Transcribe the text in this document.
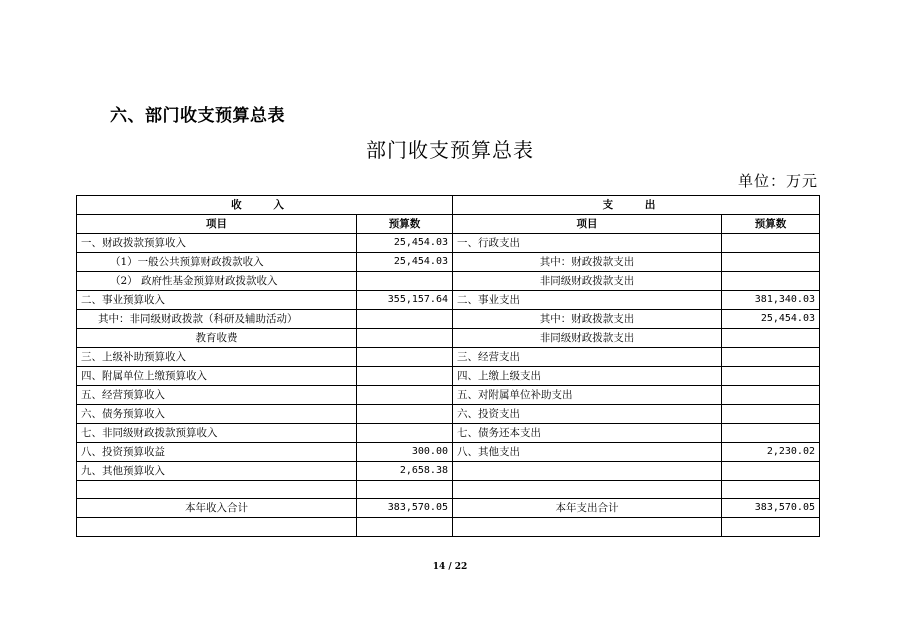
六、部门收支预算总表
部门收支预算总表
单位：万元
收 入		支 出	
项目	预算数	项目	预算数
一、财政拨款预算收入	25,454.03	一、行政支出	
（1）一般公共预算财政拨款收入	25,454.03	其中：财政拨款支出	
（2） 政府性基金预算财政拨款收入		非同级财政拨款支出	
二、事业预算收入	355,157.64	二、事业支出	381,340.03
其中：非同级财政拨款（科研及辅助活动）		其中：财政拨款支出	25,454.03
教育收费		非同级财政拨款支出	
三、上级补助预算收入		三、经营支出	
四、附属单位上缴预算收入		四、上缴上级支出	
五、经营预算收入		五、对附属单位补助支出	
六、债务预算收入		六、投资支出	
七、非同级财政拨款预算收入		七、债务还本支出	
八、投资预算收益	300.00	八、其他支出	2,230.02
九、其他预算收入	2,658.38		

本年收入合计	383,570.05	本年支出合计	383,570.05

14 / 22
